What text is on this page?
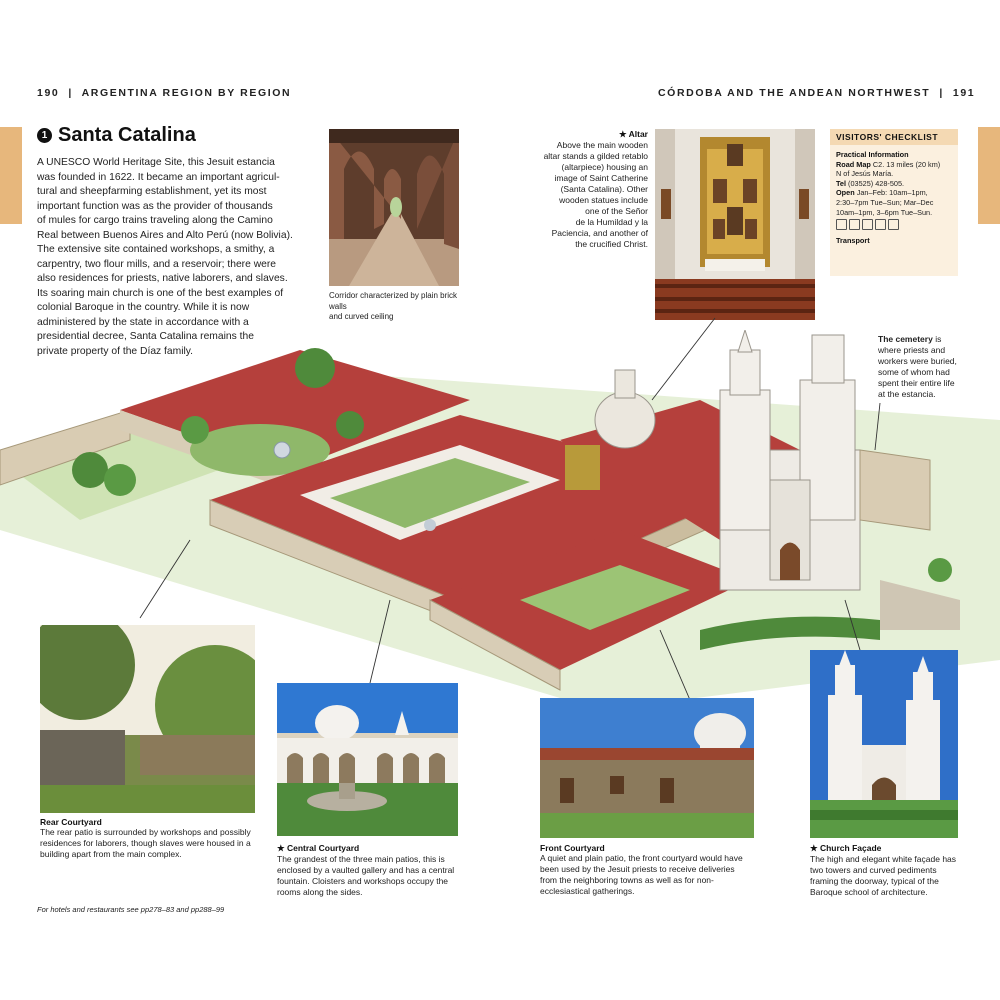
190 | ARGENTINA REGION BY REGION	CÓRDOBA AND THE ANDEAN NORTHWEST | 191
1 Santa Catalina
A UNESCO World Heritage Site, this Jesuit estancia
was founded in 1622. It became an important agricul-
tural and sheepfarming establishment, yet its most
important function was as the provider of thousands
of mules for cargo trains traveling along the Camino
Real between Buenos Aires and Alto Perú (now Bolivia).
The extensive site contained workshops, a smithy, a
carpentry, two flour mills, and a reservoir; there were
also residences for priests, native laborers, and slaves.
Its soaring main church is one of the best examples of
colonial Baroque in the country. While it is now
administered by the state in accordance with a
presidential decree, Santa Catalina remains the
private property of the Díaz family.
Corridor characterized by plain brick walls
and curved ceiling
★ Altar
Above the main wooden
altar stands a gilded retablo
(altarpiece) housing an
image of Saint Catherine
(Santa Catalina). Other
wooden statues include
one of the Señor
de la Humildad y la
Paciencia, and another of
the crucified Christ.
VISITORS' CHECKLIST
Practical Information
Road Map C2. 13 miles (20 km)
N of Jesús María.
Tel (03525) 428-505.
Open Jan–Feb: 10am–1pm,
2:30–7pm Tue–Sun; Mar–Dec
10am–1pm, 3–6pm Tue–Sun.
Transport
The cemetery is
where priests and
workers were buried,
some of whom had
spent their entire life
at the estancia.
Rear Courtyard
The rear patio is surrounded by workshops and possibly
residences for laborers, though slaves were housed in a
building apart from the main complex.
★ Central Courtyard
The grandest of the three main patios, this is
enclosed by a vaulted gallery and has a central
fountain. Cloisters and workshops occupy the
rooms along the sides.
Front Courtyard
A quiet and plain patio, the front courtyard would have
been used by the Jesuit priests to receive deliveries
from the neighboring towns as well as for non-
ecclesiastical gatherings.
★ Church Façade
The high and elegant white façade has
two towers and curved pediments
framing the doorway, typical of the
Baroque school of architecture.
For hotels and restaurants see pp278–83 and pp288–99
